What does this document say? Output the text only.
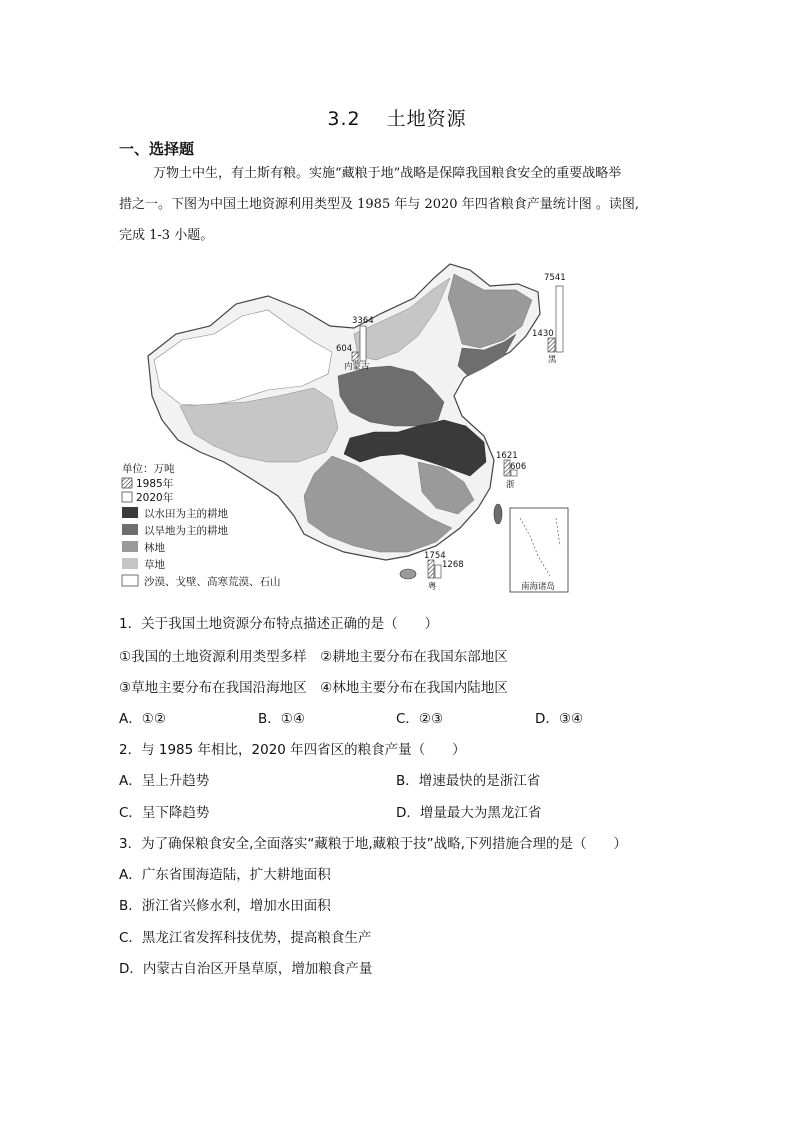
3.2 土地资源
一、选择题
万物土中生，有土斯有粮。实施“藏粮于地”战略是保障我国粮食安全的重要战略举
措之一。下图为中国土地资源利用类型及 1985 年与 2020 年四省粮食产量统计图 。读图,
完成 1-3 小题。
南海诸岛
单位：万吨
1985年
2020年
以水田为主的耕地
以旱地为主的耕地
林地
草地
沙漠、戈壁、高寒荒漠、石山
3364
604
内蒙古
7541
1430
黑
1621
606
浙
1754
1268
粤
1．关于我国土地资源分布特点描述正确的是（　　）
①我国的土地资源利用类型多样　②耕地主要分布在我国东部地区
③草地主要分布在我国沿海地区　④林地主要分布在我国内陆地区
A．①②	B．①④	C．②③	D．③④
2．与 1985 年相比，2020 年四省区的粮食产量（　　）
A．呈上升趋势	B．增速最快的是浙江省
C．呈下降趋势	D．增量最大为黑龙江省
3．为了确保粮食安全,全面落实“藏粮于地,藏粮于技”战略,下列措施合理的是（　　）
A．广东省围海造陆，扩大耕地面积
B．浙江省兴修水利，增加水田面积
C．黑龙江省发挥科技优势，提高粮食生产
D．内蒙古自治区开垦草原，增加粮食产量
